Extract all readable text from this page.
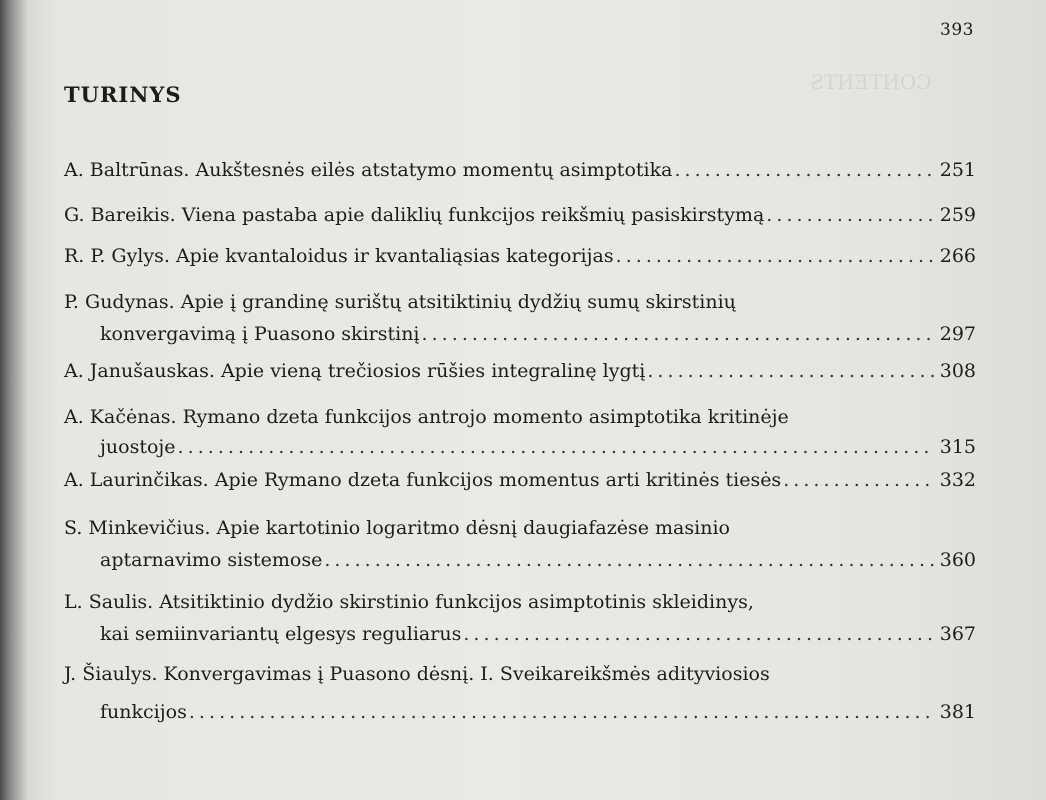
393
TURINYS	ƧTИƎTИOƆ
A. Baltrūnas. Aukštesnės eilės atstatymo momentų asimptotika . . .	251
G. Bareikis. Viena pastaba apie daliklių funkcijos reikšmių pasiskirstymą . . .	259
R. P. Gylys. Apie kvantaloidus ir kvantaliąsias kategorijas . . .	266
P. Gudynas. Apie į grandinę surištų atsitiktinių dydžių sumų skirstinių
konvergavimą į Puasono skirstinį . . .	297
A. Janušauskas. Apie vieną trečiosios rūšies integralinę lygtį . . .	308
A. Kačėnas. Rymano dzeta funkcijos antrojo momento asimptotika kritinėje
juostoje . . .	315
A. Laurinčikas. Apie Rymano dzeta funkcijos momentus arti kritinės tiesės . . .	332
S. Minkevičius. Apie kartotinio logaritmo dėsnį daugiafazėse masinio
aptarnavimo sistemose . . .	360
L. Saulis. Atsitiktinio dydžio skirstinio funkcijos asimptotinis skleidinys,
kai semiinvariantų elgesys reguliarus . . .	367
J. Šiaulys. Konvergavimas į Puasono dėsnį. I. Sveikareikšmės adityviosios
funkcijos . . .	381
